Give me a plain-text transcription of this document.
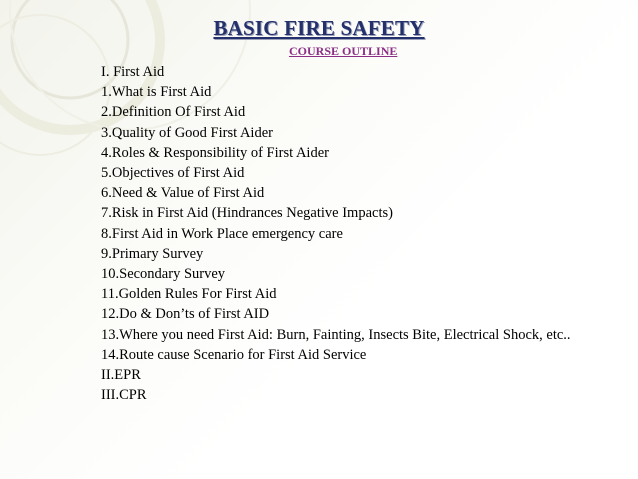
BASIC FIRE SAFETY
COURSE OUTLINE
I. First Aid
1.What is First Aid
2.Definition Of First Aid
3.Quality of Good First Aider
4.Roles & Responsibility of First Aider
5.Objectives of First Aid
6.Need & Value of First Aid
7.Risk in First Aid (Hindrances Negative Impacts)
8.First Aid in Work Place emergency care
9.Primary Survey
10.Secondary Survey
11.Golden Rules For First Aid
12.Do & Don’ts of First AID
13.Where you need First Aid: Burn, Fainting, Insects Bite, Electrical Shock, etc..
14.Route cause Scenario for First Aid Service
II.EPR
III.CPR
